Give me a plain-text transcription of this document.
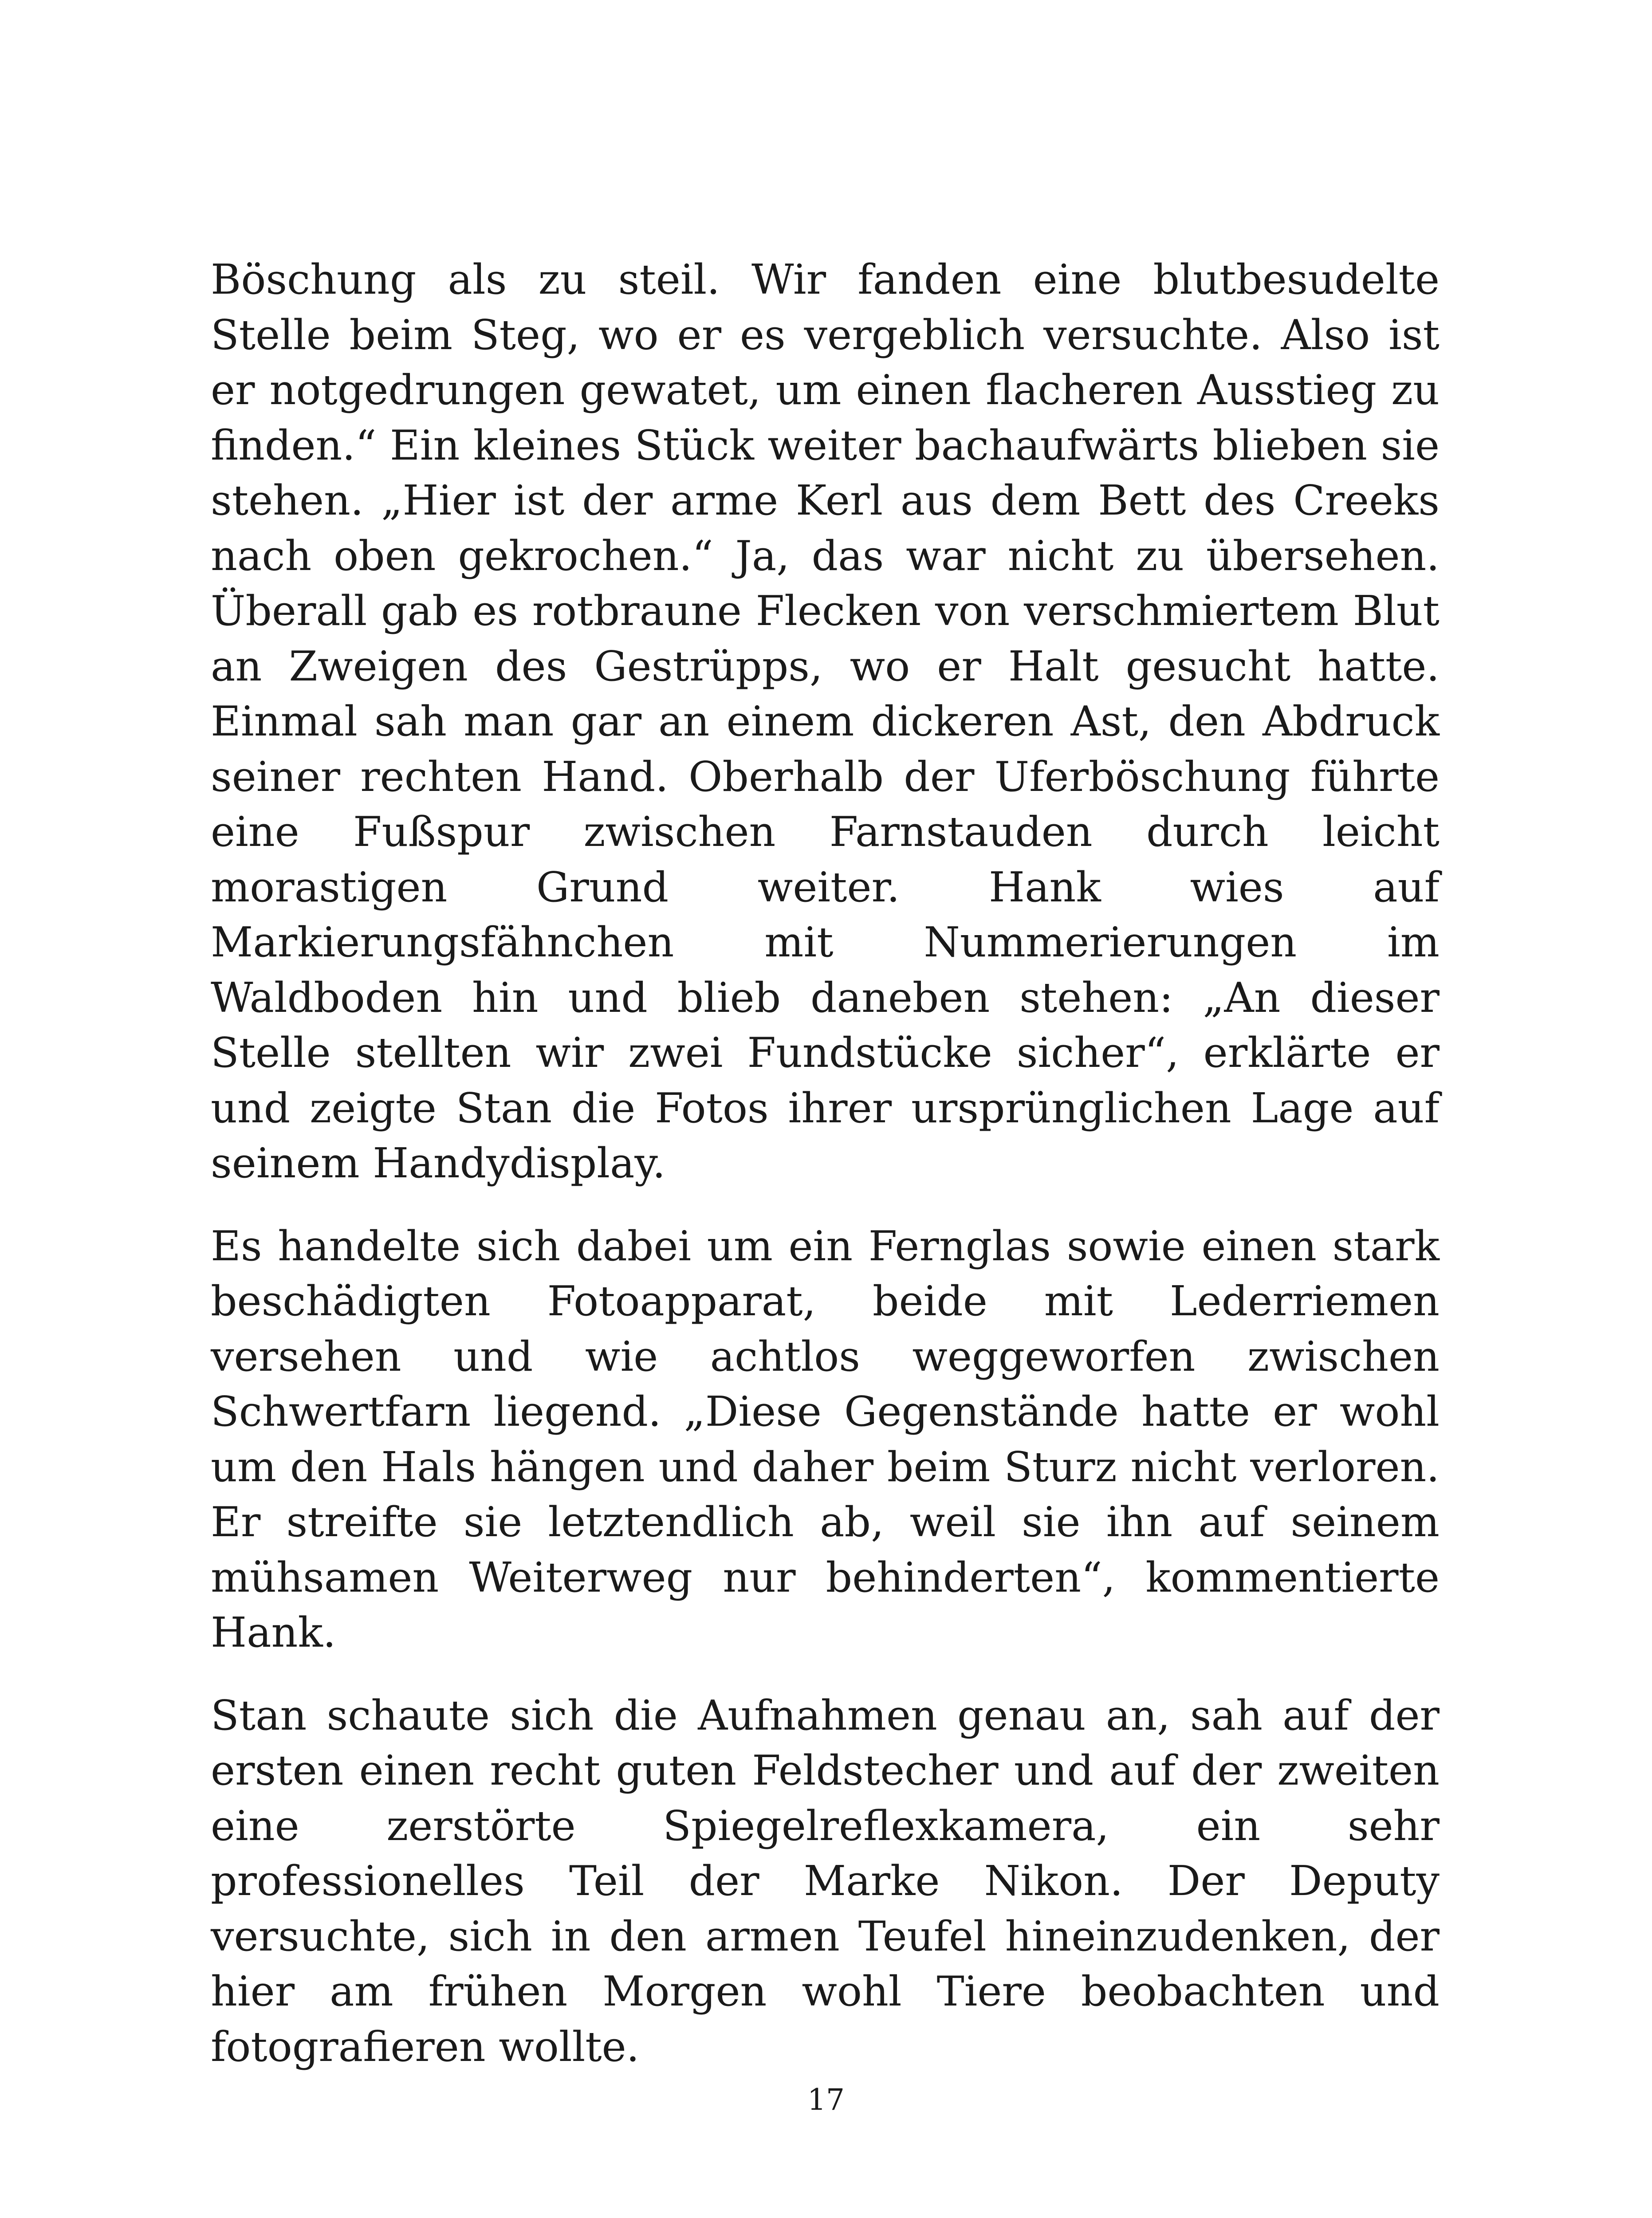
Böschung als zu steil. Wir fanden eine blutbesudelte Stelle beim Steg, wo er es vergeblich versuchte. Also ist er notgedrungen gewatet, um einen flacheren Ausstieg zu finden.“ Ein kleines Stück weiter bachaufwärts blieben sie stehen. „Hier ist der arme Kerl aus dem Bett des Creeks nach oben gekrochen.“ Ja, das war nicht zu übersehen. Überall gab es rotbraune Flecken von verschmiertem Blut an Zweigen des Gestrüpps, wo er Halt gesucht hatte. Einmal sah man gar an einem dickeren Ast, den Abdruck seiner rechten Hand. Oberhalb der Uferböschung führte eine Fußspur zwischen Farnstauden durch leicht morastigen Grund weiter. Hank wies auf Markierungsfähnchen mit Nummerierungen im Waldboden hin und blieb daneben stehen: „An dieser Stelle stellten wir zwei Fundstücke sicher“, erklärte er und zeigte Stan die Fotos ihrer ursprünglichen Lage auf seinem Handydisplay.

Es handelte sich dabei um ein Fernglas sowie einen stark beschädigten Fotoapparat, beide mit Lederriemen versehen und wie achtlos weggeworfen zwischen Schwertfarn liegend. „Diese Gegenstände hatte er wohl um den Hals hängen und daher beim Sturz nicht verloren. Er streifte sie letztendlich ab, weil sie ihn auf seinem mühsamen Weiterweg nur behinderten“, kommentierte Hank.

Stan schaute sich die Aufnahmen genau an, sah auf der ersten einen recht guten Feldstecher und auf der zweiten eine zerstörte Spiegelreflexkamera, ein sehr professionelles Teil der Marke Nikon. Der Deputy versuchte, sich in den armen Teufel hineinzudenken, der hier am frühen Morgen wohl Tiere beobachten und fotografieren wollte.

17
